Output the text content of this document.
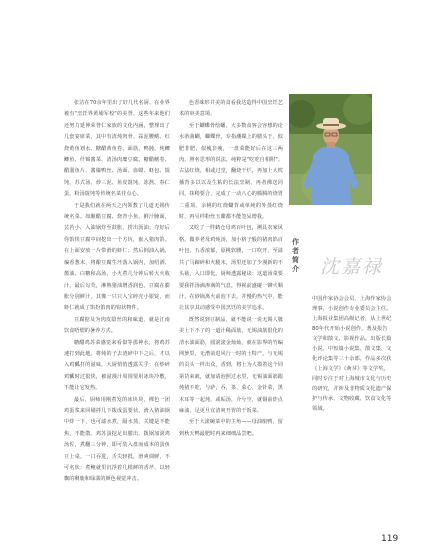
张洁在70余年里出了好几代名厨。在业界被有"烹饪界黄埔军校"的美誉。这些年来他们还努力延伸荣誉仁家族的文化内涵，整理出了几套宴席菜，其中有清炖肉骨、蒜泥腰鳝、红烧黄鱼划水、糖醋黄鱼卷、面筋、鸭肫、炖鲫鲫鱼、什锦酱菜、清汤肉糜豆腐、糖醋鳝卷、醋溜鱼片、酱爆鸭丝、汤面、血蚶、虾包、馄饨、苏式汤、炒三泥、鱼皮馄饨、冻熬、春仁蛋、粉汤馄饨等传统名菜佳点心。

于是我们就在两天之内领教了几道无锡传统名菜。如酿醋豆腐、烧青小鱼、鲜汁腌面，芸苔小、入油锅炸至鼓胀，捞出沥油；夺好后你馅快豆腐中间挖出一个方坑，嵌入猪肉馅。在上面安放一片带滑的虾仁；然后倒油入锅，煸香葱末，将酿豆腐生坯落入锅内，加绍酒、酱油、白糖和高汤，小火煮几分钟后转大火收汁，最后勾芡，淋熟猪油增香润色。豆腐在膨胀分别鲜汁，其像一只只入宝碎壳小银锭，而虾仁就成了馅扮馅肉的钩状物件。

豆腐掂及为肉皮隐丝的和味道，就是江南饮食唔熠的暑养方式。

糖醋鸡苏菜感觉来看似等那神水，将鸡苏速打到此地。将炖的子去渣碎中下之后，才以入鸡瓤打的滋味。大厨悄悄透露关乎：在炒碎鸡瓤时过很快，被滋漫汁周围要用冰块冷敷，不能让它发热。

最后，厨师用刚煮发的冰块块，裸色一团鸡蛋浆来回剔拌几下拨成蛋要状，滑入猪油锅中炸一下，也可滤水煮，隔水蒸，关键是不能焦，不能散。鸡苏蛋挖足出膳出，拨锅加滚鸡汤佐，煮翻三分钟，即可装入盘而成本的蛋鱼豆上桌。一口吞进，舌尖轻抵，滑爽调鲜，不可名状：煮鲍就里沉浮着几根鲜的香芹，以轻飘的剩鹿和绿翡的颜色视觉冲击。

色香味形并美的食看我达造得中国烹饪艺术的审美意境。

至于蝴蝶骨绘蟠，大多数食客会容想的论水蒂曲蝴，蝴蝶骨，专指潮媒上的膳头于，似肥非肥，似瘦非瘦，一盘菜能好后在这三两肉，照名思形的说法，纯粹是"吃吃自相附"。古法红烧，相或过堂，翻烧干烂，再加上大枕播背多以以及生粘的长法烹制，再者佛送同同，抹稍要合，完成了一动八心的腾腾的烧胃二重项。余桃的红烧蝴背或单纯的外蒸红烧时，再另样粉丝玉碟都不能签呆增我。

又吃了一样鹤仓母鸡百叶包，溯具农家风格。做养老母鸡炖汤，加小脐子般的猪肉馅百叶包，五香浓郁，原桃软腰，一口吹开，至溢共了马蹄碎和火腿末，汤里还加了少漫新的不头菇，入口即化。厨师透露秘诀：这道汤菜要要我拌汤滴渗满的气息，得视前盛碰一铆火顺汁，在砂锅离火前泡下去，并慢的热气中，能让其享其动感受中国烹饪的美学追求。

既然说到豆制品，就不能说一说无锡人敬美上下不了的一道汁稀面筋，无锡油筋很化的清水油面筋，圆滚滚金灿灿，就在影界的竹编网箩里，无漕前进风行一时的土特产，与无锡的贡头一样出众，香到，将上为人摸着这个同第货来就，就加请泡照过水里，无锡油面筋跟炖猪不吃，与萨，吞，茶，菜心，金针菜，黑木耳等一起炖，或垢汤，介兮空，就铜前炸点麻油，足更旦宜清爽开胃的干饭菜。

至于大滚碗菜中的主角——母油船鸭，留到秋天鸭最肥时再来细细品尝吧。

作
者
简
介 沈嘉禄
中国作家协会会员，上海作家协会理事，小说创作专业委员会主任。上海报业集团高级记者，从上世纪80年代开始小说创作，著及报告文学和散文、影视作品。出版长篇小说、中短篇小说集、散文集、文化评论集等三十余部。作品多次获《上海文学》《萌芽》等文学奖。同时专注于对上海城市文化与历史的研究，并涉及非物质文化遗产保护与传承、文物收藏、饮食文化等领域。
119
